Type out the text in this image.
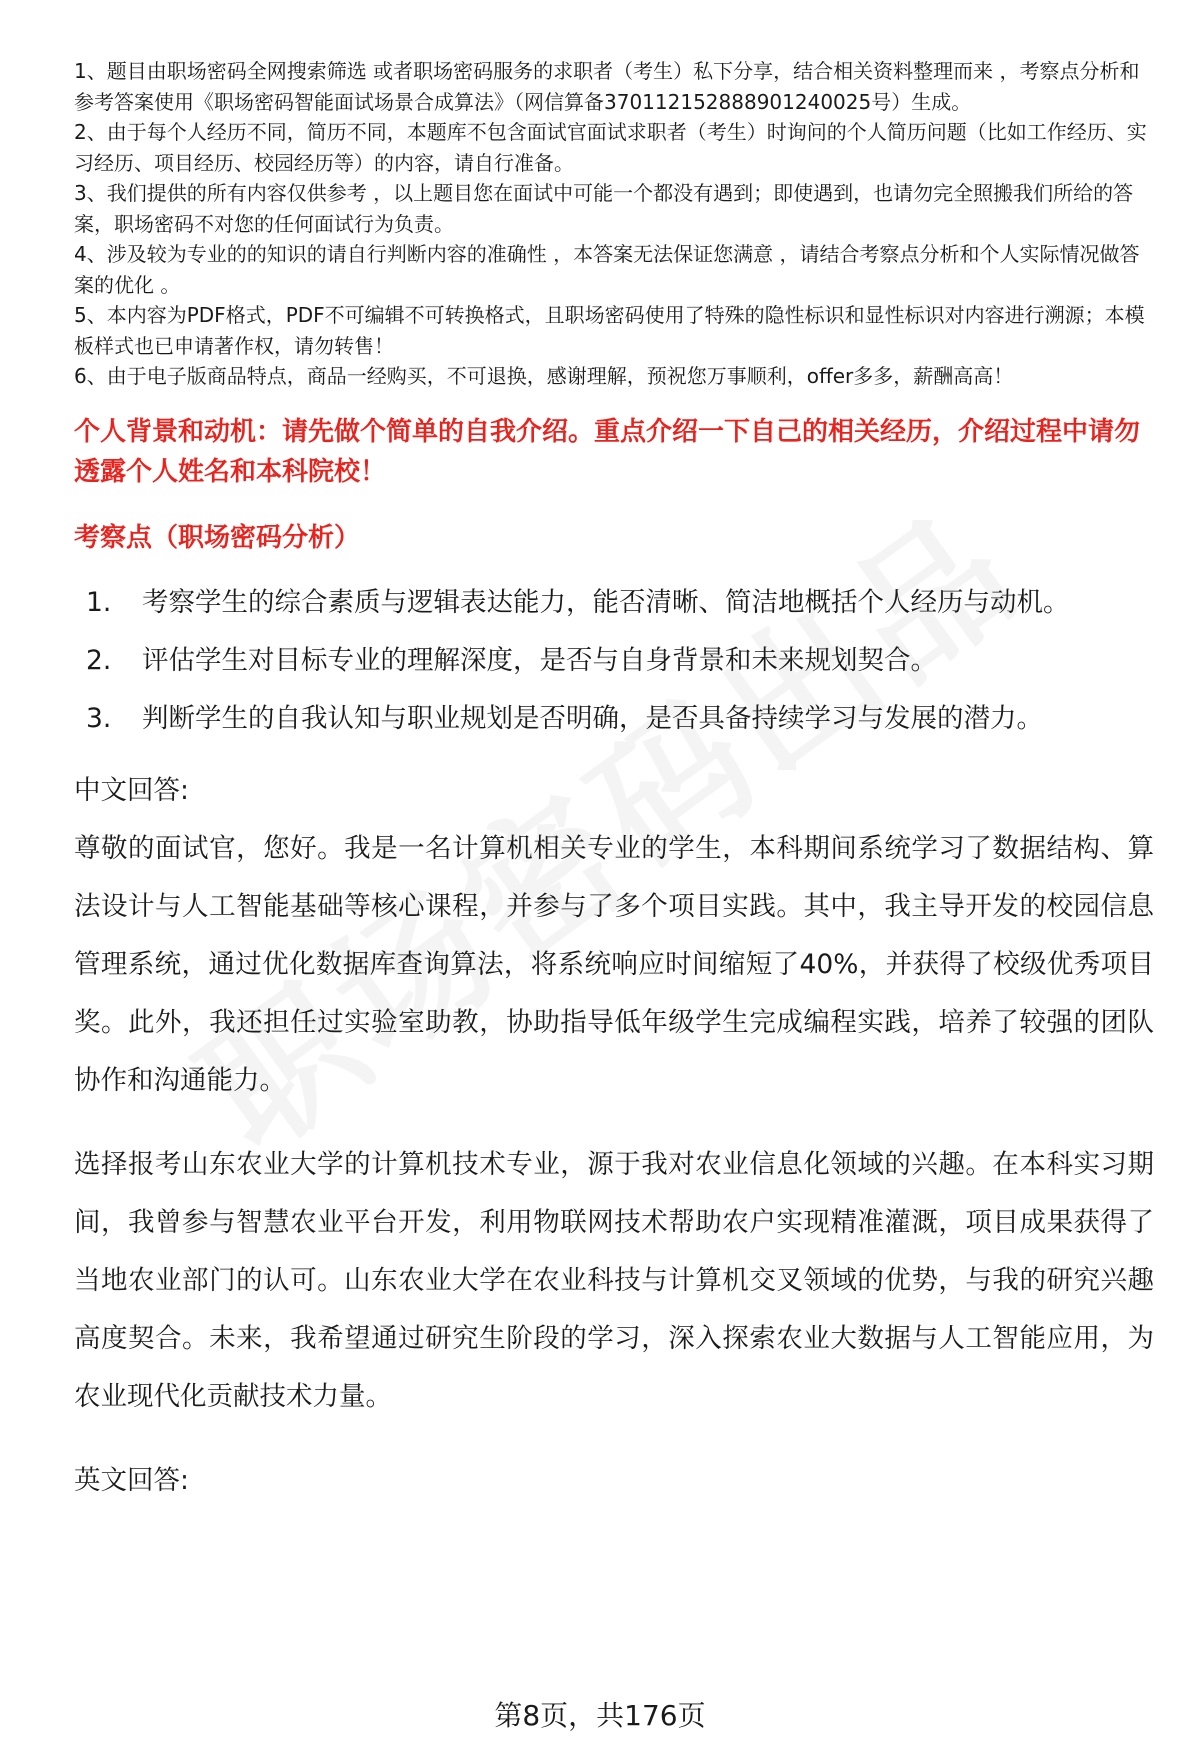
1、题目由职场密码全网搜索筛选 或者职场密码服务的求职者（考生）私下分享，结合相关资料整理而来 ，考察点分析和参考答案使用《职场密码智能面试场景合成算法》（网信算备370112152888901240025号）生成。

2、由于每个人经历不同，简历不同，本题库不包含面试官面试求职者（考生）时询问的个人简历问题（比如工作经历、实习经历、项目经历、校园经历等）的内容，请自行准备。

3、我们提供的所有内容仅供参考 ，以上题目您在面试中可能一个都没有遇到；即使遇到，也请勿完全照搬我们所给的答案，职场密码不对您的任何面试行为负责。

4、涉及较为专业的的知识的请自行判断内容的准确性 ，本答案无法保证您满意 ，请结合考察点分析和个人实际情况做答案的优化 。

5、本内容为PDF格式，PDF不可编辑不可转换格式，且职场密码使用了特殊的隐性标识和显性标识对内容进行溯源；本模板样式也已申请著作权，请勿转售！

6、由于电子版商品特点，商品一经购买，不可退换，感谢理解，预祝您万事顺利，offer多多，薪酬高高！

个人背景和动机：请先做个简单的自我介绍。重点介绍一下自己的相关经历，介绍过程中请勿透露个人姓名和本科院校！
考察点（职场密码分析）
1.	考察学生的综合素质与逻辑表达能力，能否清晰、简洁地概括个人经历与动机。
2.	评估学生对目标专业的理解深度，是否与自身背景和未来规划契合。
3.	判断学生的自我认知与职业规划是否明确，是否具备持续学习与发展的潜力。
中文回答:

尊敬的面试官，您好。我是一名计算机相关专业的学生，本科期间系统学习了数据结构、算法设计与人工智能基础等核心课程，并参与了多个项目实践。其中，我主导开发的校园信息管理系统，通过优化数据库查询算法，将系统响应时间缩短了40%，并获得了校级优秀项目奖。此外，我还担任过实验室助教，协助指导低年级学生完成编程实践，培养了较强的团队协作和沟通能力。

选择报考山东农业大学的计算机技术专业，源于我对农业信息化领域的兴趣。在本科实习期间，我曾参与智慧农业平台开发，利用物联网技术帮助农户实现精准灌溉，项目成果获得了当地农业部门的认可。山东农业大学在农业科技与计算机交叉领域的优势，与我的研究兴趣高度契合。未来，我希望通过研究生阶段的学习，深入探索农业大数据与人工智能应用，为农业现代化贡献技术力量。

英文回答:
第8页，共176页
